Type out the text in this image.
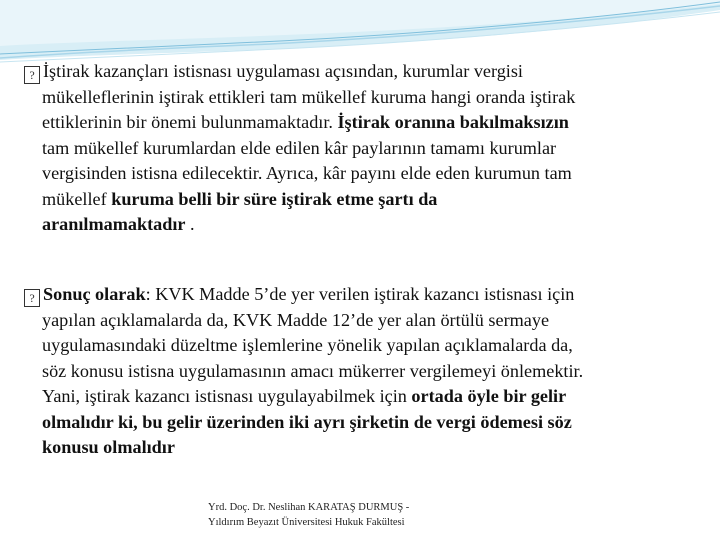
? İştirak kazançları istisnası uygulaması açısından, kurumlar vergisi
mükelleflerinin iştirak ettikleri tam mükellef kuruma hangi oranda iştirak
ettiklerinin bir önemi bulunmamaktadır. İştirak oranına bakılmaksızın
tam mükellef kurumlardan elde edilen kâr paylarının tamamı kurumlar
vergisinden istisna edilecektir. Ayrıca, kâr payını elde eden kurumun tam
mükellef kuruma belli bir süre iştirak etme şartı da
aranılmamaktadır .
? Sonuç olarak: KVK Madde 5’de yer verilen iştirak kazancı istisnası için
yapılan açıklamalarda da, KVK Madde 12’de yer alan örtülü sermaye
uygulamasındaki düzeltme işlemlerine yönelik yapılan açıklamalarda da,
söz konusu istisna uygulamasının amacı mükerrer vergilemeyi önlemektir.
Yani, iştirak kazancı istisnası uygulayabilmek için ortada öyle bir gelir
olmalıdır ki, bu gelir üzerinden iki ayrı şirketin de vergi ödemesi söz
konusu olmalıdır
Yrd. Doç. Dr. Neslihan KARATAŞ DURMUŞ -
Yıldırım Beyazıt Üniversitesi Hukuk Fakültesi
